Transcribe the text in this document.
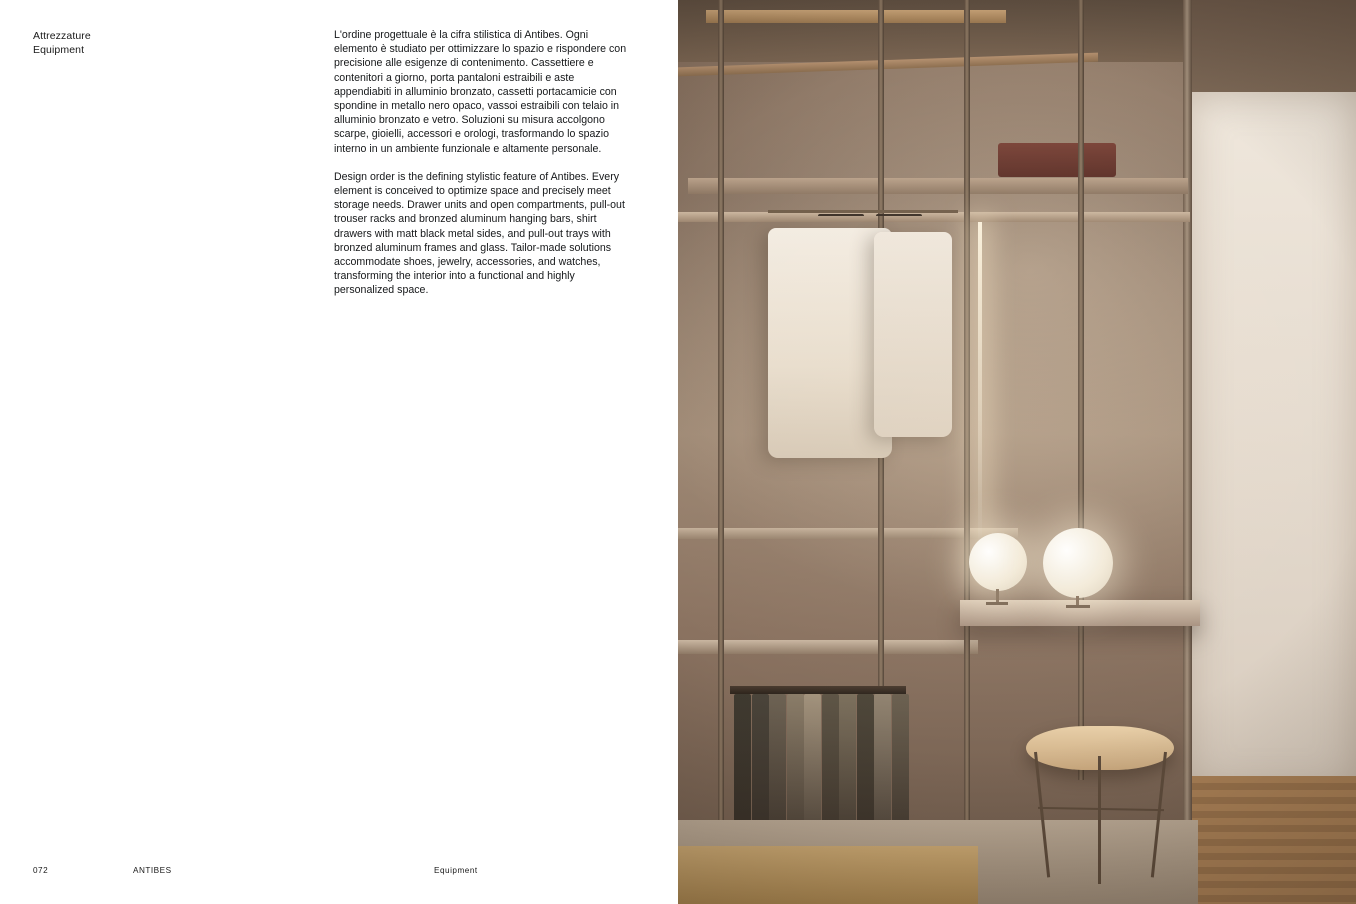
Attrezzature
Equipment

L'ordine progettuale è la cifra stilistica di Antibes. Ogni elemento è studiato per ottimizzare lo spazio e rispondere con precisione alle esigenze di contenimento. Cassettiere e contenitori a giorno, porta pantaloni estraibili e aste appendiabiti in alluminio bronzato, cassetti portacamicie con spondine in metallo nero opaco, vassoi estraibili con telaio in alluminio bronzato e vetro. Soluzioni su misura accolgono scarpe, gioielli, accessori e orologi, trasformando lo spazio interno in un ambiente funzionale e altamente personale.

Design order is the defining stylistic feature of Antibes. Every element is conceived to optimize space and precisely meet storage needs. Drawer units and open compartments, pull-out trouser racks and bronzed aluminum hanging bars, shirt drawers with matt black metal sides, and pull-out trays with bronzed aluminum frames and glass. Tailor-made solutions accommodate shoes, jewelry, accessories, and watches, transforming the interior into a functional and highly personalized space.

072	ANTIBES	Equipment
